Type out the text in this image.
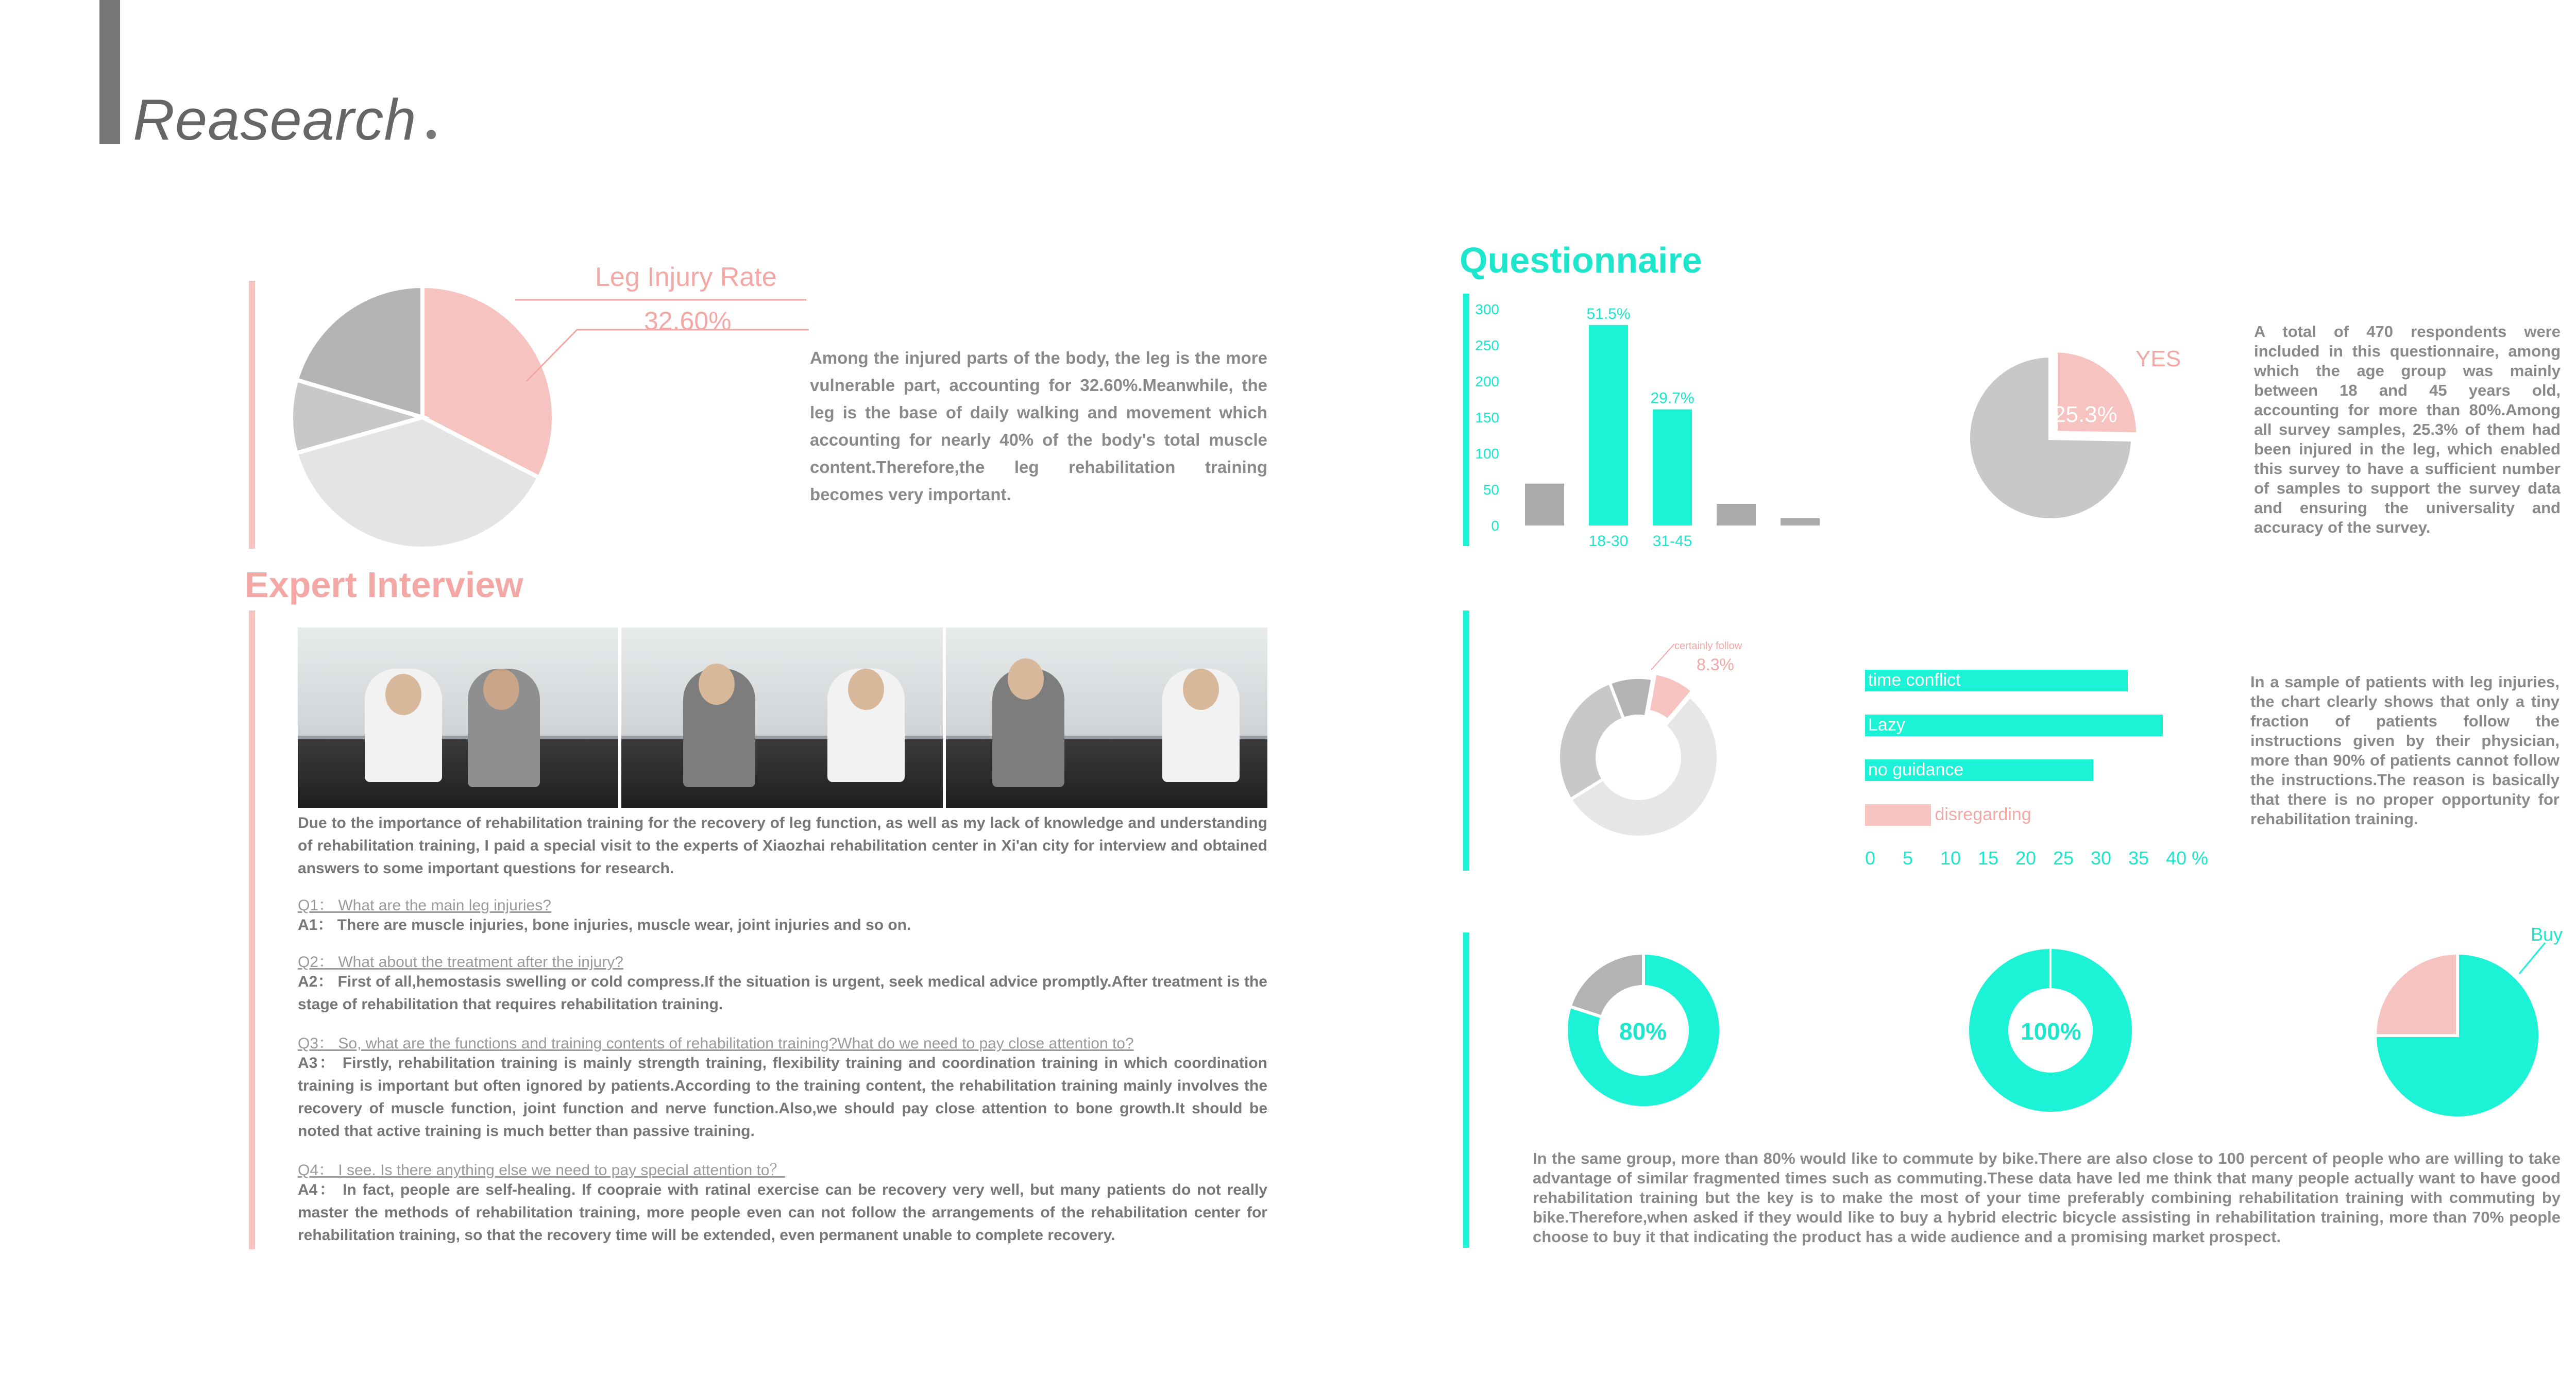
Reasearch
Leg Injury Rate
32.60%
Among the injured parts of the body, the leg is the more vulnerable part, accounting for 32.60%.Meanwhile, the leg is the base of daily walking and movement which accounting for nearly 40% of the body's total muscle content.Therefore,the leg rehabilitation training becomes very important.
Expert Interview
Due to the importance of rehabilitation training for the recovery of leg function, as well as my lack of knowledge and understanding of rehabilitation training, I paid a special visit to the experts of Xiaozhai rehabilitation center in Xi'an city for interview and obtained answers to some important questions for research.
Q1： What are the main leg injuries?
A1： There are muscle injuries, bone injuries, muscle wear, joint injuries and so on.
Q2： What about the treatment after the injury?
A2： First of all,hemostasis swelling or cold compress.If the situation is urgent, seek medical advice promptly.After treatment is the stage of rehabilitation that requires rehabilitation training.
Q3： So, what are the functions and training contents of rehabilitation training?What do we need to pay close attention to?
A3： Firstly, rehabilitation training is mainly strength training, flexibility training and coordination training in which coordination training is important but often ignored by patients.According to the training content, the rehabilitation training mainly involves the recovery of muscle function, joint function and nerve function.Also,we should pay close attention to bone growth.It should be noted that active training is much better than passive training.
Q4： I see. Is there anything else we need to pay special attention to？
A4： In fact, people are self-healing. If coopraie with ratinal exercise can be recovery very well, but many patients do not really master the methods of rehabilitation training, more people even can not follow the arrangements of the rehabilitation center for rehabilitation training, so that the recovery time will be extended, even permanent unable to complete recovery.
Questionnaire
0
50
100
150
200
250
300	51.5%
18-30
29.7%
31-45
YES
25.3%
A total of 470 respondents were included in this questionnaire, among which the age group was mainly between 18 and 45 years old, accounting for more than 80%.Among all survey samples, 25.3% of them had been injured in the leg, which enabled this survey to have a sufficient number of samples to support the survey data and ensuring the universality and accuracy of the survey.
certainly follow
8.3%
time conflict
Lazy
no guidance
disregarding
0 5 10 15 20 25 30 35 40 %
In a sample of patients with leg injuries, the chart clearly shows that only a tiny fraction of patients follow the instructions given by their physician, more than 90% of patients cannot follow the instructions.The reason is basically that there is no proper opportunity for rehabilitation training.
80%	100%
Buy
In the same group, more than 80% would like to commute by bike.There are also close to 100 percent of people who are willing to take advantage of similar fragmented times such as commuting.These data have led me think that many people actually want to have good rehabilitation training but the key is to make the most of your time preferably combining rehabilitation training with commuting by bike.Therefore,when asked if they would like to buy a hybrid electric bicycle assisting in rehabilitation training, more than 70% people choose to buy it that indicating the product has a wide audience and a promising market prospect.
